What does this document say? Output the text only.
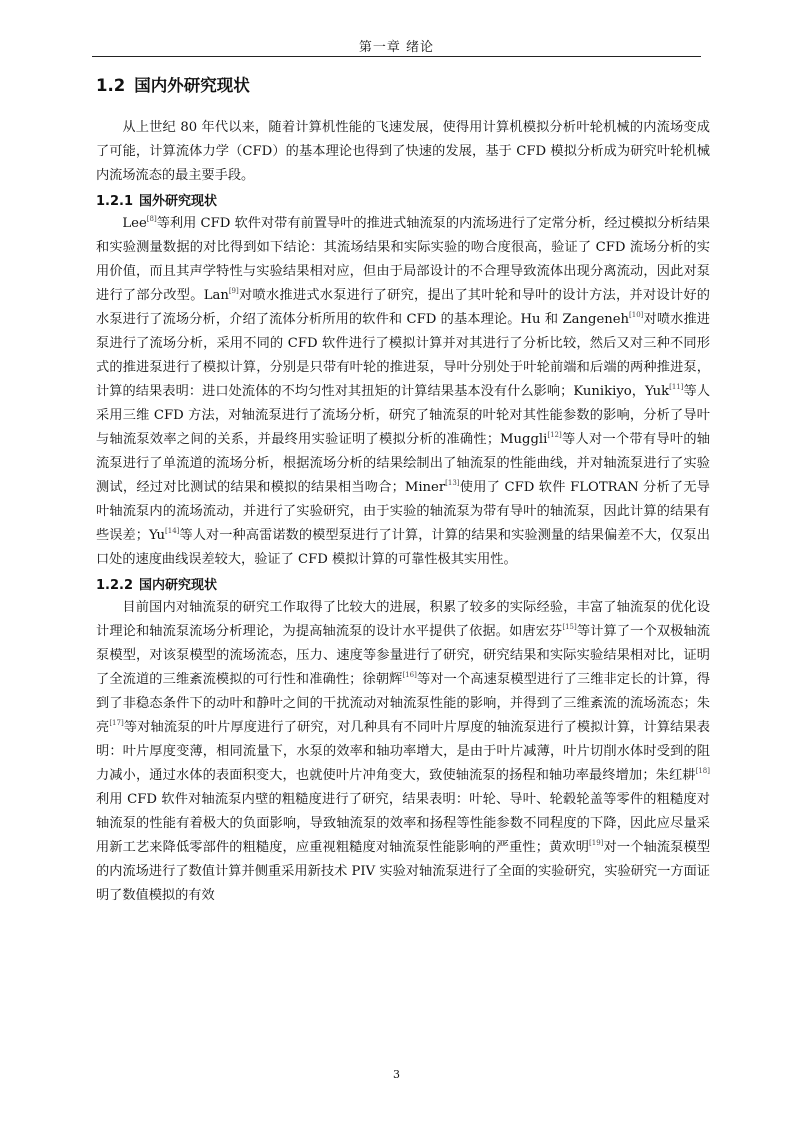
第一章 绪论
1.2 国内外研究现状

从上世纪 80 年代以来，随着计算机性能的飞速发展，使得用计算机模拟分析叶轮机械的内流场变成了可能，计算流体力学（CFD）的基本理论也得到了快速的发展，基于 CFD 模拟分析成为研究叶轮机械内流场流态的最主要手段。

1.2.1 国外研究现状

Lee[8]等利用 CFD 软件对带有前置导叶的推进式轴流泵的内流场进行了定常分析，经过模拟分析结果和实验测量数据的对比得到如下结论：其流场结果和实际实验的吻合度很高，验证了 CFD 流场分析的实用价值，而且其声学特性与实验结果相对应，但由于局部设计的不合理导致流体出现分离流动，因此对泵进行了部分改型。Lan[9]对喷水推进式水泵进行了研究，提出了其叶轮和导叶的设计方法，并对设计好的水泵进行了流场分析，介绍了流体分析所用的软件和 CFD 的基本理论。Hu 和 Zangeneh[10]对喷水推进泵进行了流场分析，采用不同的 CFD 软件进行了模拟计算并对其进行了分析比较，然后又对三种不同形式的推进泵进行了模拟计算，分别是只带有叶轮的推进泵，导叶分别处于叶轮前端和后端的两种推进泵，计算的结果表明：进口处流体的不均匀性对其扭矩的计算结果基本没有什么影响；Kunikiyo，Yuk[11]等人采用三维 CFD 方法，对轴流泵进行了流场分析，研究了轴流泵的叶轮对其性能参数的影响，分析了导叶与轴流泵效率之间的关系，并最终用实验证明了模拟分析的准确性；Muggli[12]等人对一个带有导叶的轴流泵进行了单流道的流场分析，根据流场分析的结果绘制出了轴流泵的性能曲线，并对轴流泵进行了实验测试，经过对比测试的结果和模拟的结果相当吻合；Miner[13]使用了 CFD 软件 FLOTRAN 分析了无导叶轴流泵内的流场流动，并进行了实验研究，由于实验的轴流泵为带有导叶的轴流泵，因此计算的结果有些误差；Yu[14]等人对一种高雷诺数的模型泵进行了计算，计算的结果和实验测量的结果偏差不大，仅泵出口处的速度曲线误差较大，验证了 CFD 模拟计算的可靠性极其实用性。

1.2.2 国内研究现状

目前国内对轴流泵的研究工作取得了比较大的进展，积累了较多的实际经验，丰富了轴流泵的优化设计理论和轴流泵流场分析理论，为提高轴流泵的设计水平提供了依据。如唐宏芬[15]等计算了一个双极轴流泵模型，对该泵模型的流场流态，压力、速度等参量进行了研究，研究结果和实际实验结果相对比，证明了全流道的三维紊流模拟的可行性和准确性；徐朝辉[16]等对一个高速泵模型进行了三维非定长的计算，得到了非稳态条件下的动叶和静叶之间的干扰流动对轴流泵性能的影响，并得到了三维紊流的流场流态；朱亮[17]等对轴流泵的叶片厚度进行了研究，对几种具有不同叶片厚度的轴流泵进行了模拟计算，计算结果表明：叶片厚度变薄，相同流量下，水泵的效率和轴功率增大，是由于叶片减薄，叶片切削水体时受到的阻力减小，通过水体的表面积变大，也就使叶片冲角变大，致使轴流泵的扬程和轴功率最终增加；朱红耕[18]利用 CFD 软件对轴流泵内壁的粗糙度进行了研究，结果表明：叶轮、导叶、轮毂轮盖等零件的粗糙度对轴流泵的性能有着极大的负面影响，导致轴流泵的效率和扬程等性能参数不同程度的下降，因此应尽量采用新工艺来降低零部件的粗糙度，应重视粗糙度对轴流泵性能影响的严重性；黄欢明[19]对一个轴流泵模型的内流场进行了数值计算并侧重采用新技术 PIV 实验对轴流泵进行了全面的实验研究，实验研究一方面证明了数值模拟的有效

3
